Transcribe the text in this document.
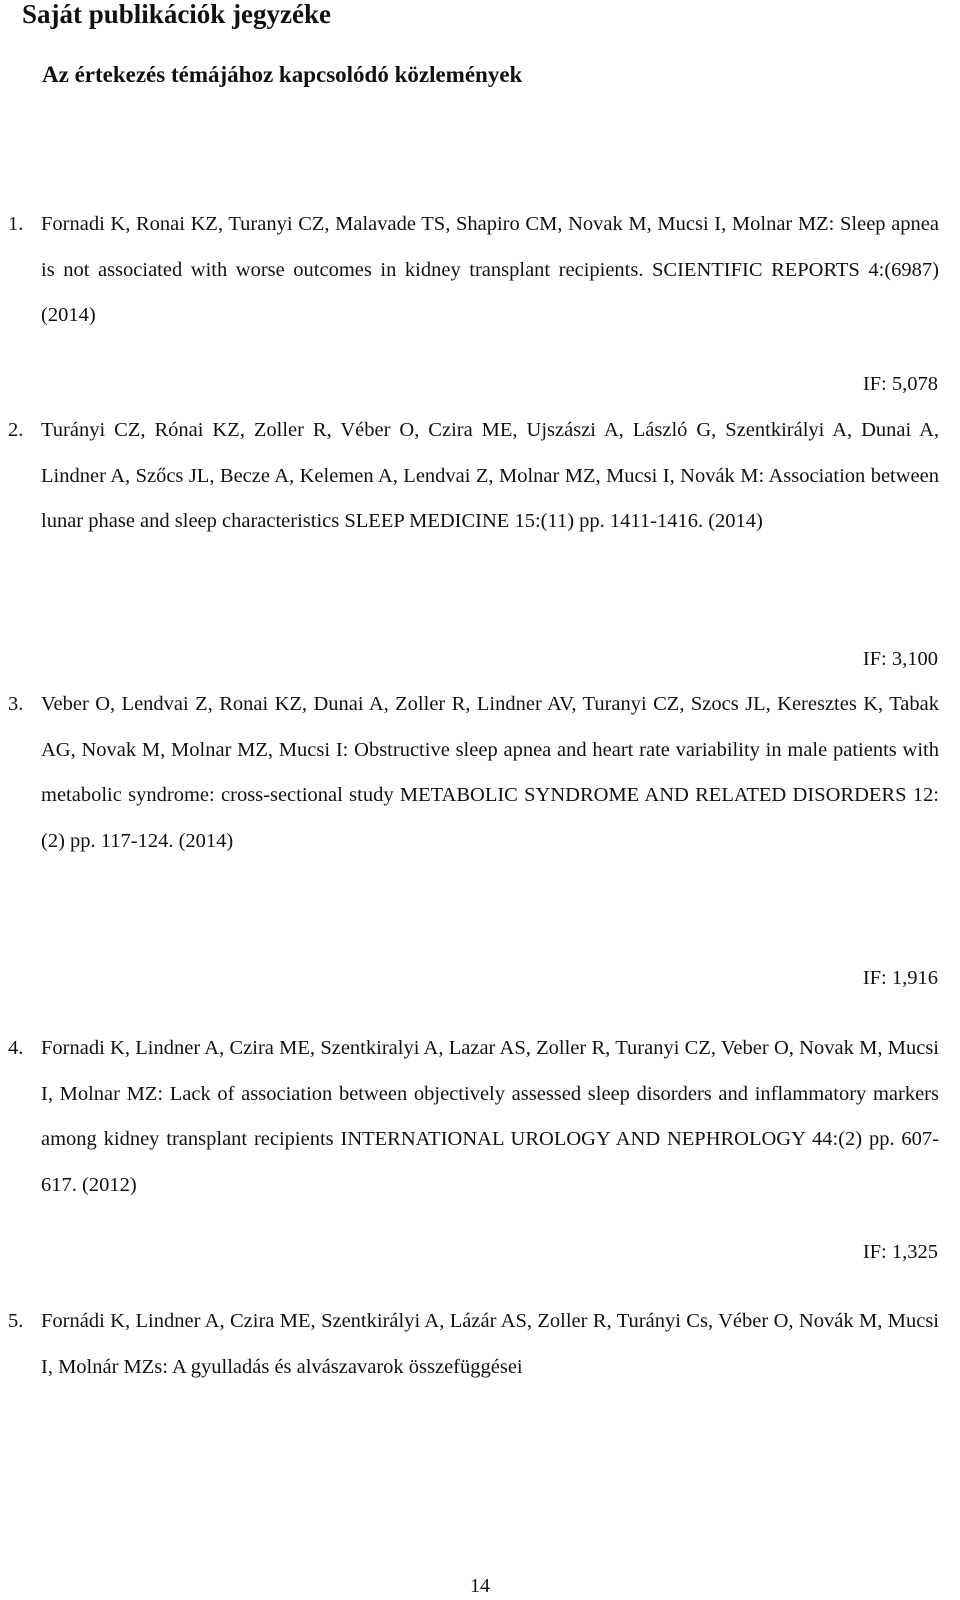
Saját publikációk jegyzéke
Az értekezés témájához kapcsolódó közlemények
1. Fornadi K, Ronai KZ, Turanyi CZ, Malavade TS, Shapiro CM, Novak M, Mucsi I, Molnar MZ: Sleep apnea is not associated with worse outcomes in kidney transplant recipients. SCIENTIFIC REPORTS 4:(6987) (2014)
IF: 5,078
2. Turányi CZ, Rónai KZ, Zoller R, Véber O, Czira ME, Ujszászi A, László G, Szentkirályi A, Dunai A, Lindner A, Szőcs JL, Becze A, Kelemen A, Lendvai Z, Molnar MZ, Mucsi I, Novák M: Association between lunar phase and sleep characteristics SLEEP MEDICINE 15:(11) pp. 1411-1416. (2014)
IF: 3,100
3. Veber O, Lendvai Z, Ronai KZ, Dunai A, Zoller R, Lindner AV, Turanyi CZ, Szocs JL, Keresztes K, Tabak AG, Novak M, Molnar MZ, Mucsi I: Obstructive sleep apnea and heart rate variability in male patients with metabolic syndrome: cross-sectional study METABOLIC SYNDROME AND RELATED DISORDERS 12:(2) pp. 117-124. (2014)
IF: 1,916
4. Fornadi K, Lindner A, Czira ME, Szentkiralyi A, Lazar AS, Zoller R, Turanyi CZ, Veber O, Novak M, Mucsi I, Molnar MZ: Lack of association between objectively assessed sleep disorders and inflammatory markers among kidney transplant recipients INTERNATIONAL UROLOGY AND NEPHROLOGY 44:(2) pp. 607-617. (2012)
IF: 1,325
5. Fornádi K, Lindner A, Czira ME, Szentkirályi A, Lázár AS, Zoller R, Turányi Cs, Véber O, Novák M, Mucsi I, Molnár MZs: A gyulladás és alvászavarok összefüggései
14
